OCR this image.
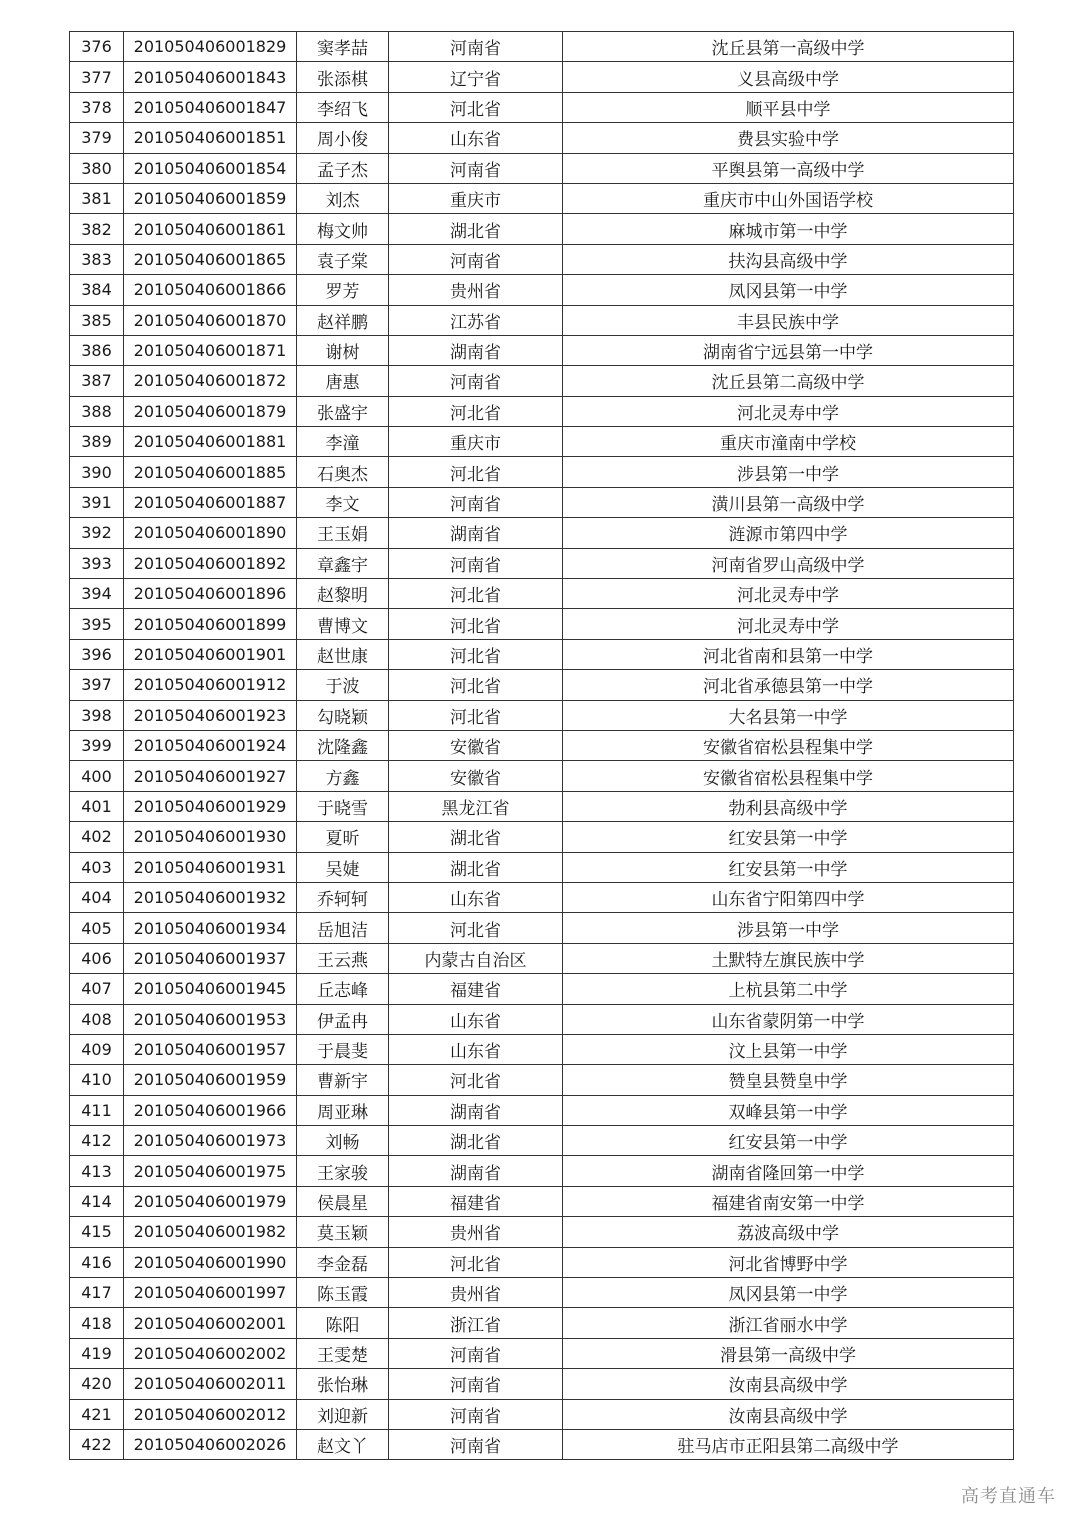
376	201050406001829	窦孝喆	河南省	沈丘县第一高级中学
377	201050406001843	张添棋	辽宁省	义县高级中学
378	201050406001847	李绍飞	河北省	顺平县中学
379	201050406001851	周小俊	山东省	费县实验中学
380	201050406001854	孟子杰	河南省	平舆县第一高级中学
381	201050406001859	刘杰	重庆市	重庆市中山外国语学校
382	201050406001861	梅文帅	湖北省	麻城市第一中学
383	201050406001865	袁子棠	河南省	扶沟县高级中学
384	201050406001866	罗芳	贵州省	凤冈县第一中学
385	201050406001870	赵祥鹏	江苏省	丰县民族中学
386	201050406001871	谢树	湖南省	湖南省宁远县第一中学
387	201050406001872	唐惠	河南省	沈丘县第二高级中学
388	201050406001879	张盛宇	河北省	河北灵寿中学
389	201050406001881	李潼	重庆市	重庆市潼南中学校
390	201050406001885	石奥杰	河北省	涉县第一中学
391	201050406001887	李文	河南省	潢川县第一高级中学
392	201050406001890	王玉娟	湖南省	涟源市第四中学
393	201050406001892	章鑫宇	河南省	河南省罗山高级中学
394	201050406001896	赵黎明	河北省	河北灵寿中学
395	201050406001899	曹博文	河北省	河北灵寿中学
396	201050406001901	赵世康	河北省	河北省南和县第一中学
397	201050406001912	于波	河北省	河北省承德县第一中学
398	201050406001923	勾晓颖	河北省	大名县第一中学
399	201050406001924	沈隆鑫	安徽省	安徽省宿松县程集中学
400	201050406001927	方鑫	安徽省	安徽省宿松县程集中学
401	201050406001929	于晓雪	黑龙江省	勃利县高级中学
402	201050406001930	夏昕	湖北省	红安县第一中学
403	201050406001931	吴婕	湖北省	红安县第一中学
404	201050406001932	乔轲轲	山东省	山东省宁阳第四中学
405	201050406001934	岳旭洁	河北省	涉县第一中学
406	201050406001937	王云燕	内蒙古自治区	土默特左旗民族中学
407	201050406001945	丘志峰	福建省	上杭县第二中学
408	201050406001953	伊孟冉	山东省	山东省蒙阴第一中学
409	201050406001957	于晨斐	山东省	汶上县第一中学
410	201050406001959	曹新宇	河北省	赞皇县赞皇中学
411	201050406001966	周亚琳	湖南省	双峰县第一中学
412	201050406001973	刘畅	湖北省	红安县第一中学
413	201050406001975	王家骏	湖南省	湖南省隆回第一中学
414	201050406001979	侯晨星	福建省	福建省南安第一中学
415	201050406001982	莫玉颖	贵州省	荔波高级中学
416	201050406001990	李金磊	河北省	河北省博野中学
417	201050406001997	陈玉霞	贵州省	凤冈县第一中学
418	201050406002001	陈阳	浙江省	浙江省丽水中学
419	201050406002002	王雯楚	河南省	滑县第一高级中学
420	201050406002011	张怡琳	河南省	汝南县高级中学
421	201050406002012	刘迎新	河南省	汝南县高级中学
422	201050406002026	赵文丫	河南省	驻马店市正阳县第二高级中学
高考直通车
